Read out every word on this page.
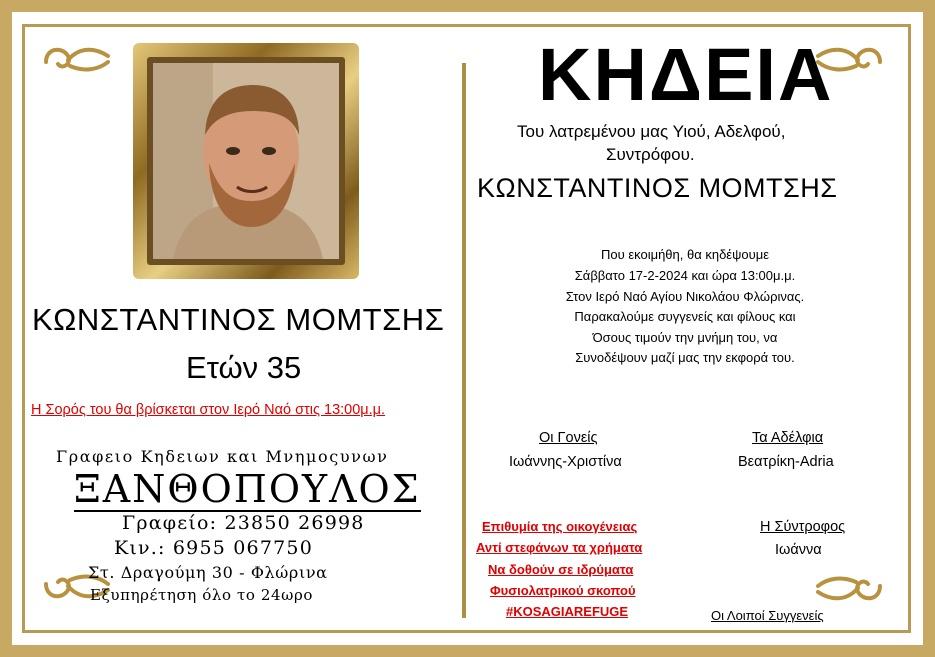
ΚΩΝΣΤΑΝΤΙΝΟΣ ΜΟΜΤΣΗΣ
Ετών 35
Η Σορός του θα βρίσκεται στον Ιερό Ναό στις 13:00μ.μ.
Γραφειο Κηδειων και Μνημοςυνων
ΞΑΝΘΟΠΟΥΛΟΣ
Γραφείο: 23850 26998
Κιν.: 6955 067750
Στ. Δραγούμη 30 - Φλώρινα
Εξυπηρέτηση όλο το 24ωρο
ΚΗΔΕΙΑ
Του λατρεμένου μας Υιού, Αδελφού,
Συντρόφου.
ΚΩΝΣΤΑΝΤΙΝΟΣ ΜΟΜΤΣΗΣ
Που εκοιμήθη, θα κηδέψουμε
Σάββατο 17-2-2024 και ώρα 13:00μ.μ.
Στον Ιερό Ναό Αγίου Νικολάου Φλώρινας.
Παρακαλούμε συγγενείς και φίλους και
Όσους τιμούν την μνήμη του, να
Συνοδέψουν μαζί μας την εκφορά του.
Οι Γονείς
Ιωάννης-Χριστίνα
Τα Αδέλφια
Βεατρίκη-Adria
Επιθυμία της οικογένειας
Αντί στεφάνων τα χρήματα
Να δοθούν σε ιδρύματα
Φυσιολατρικού σκοπού
#KOSAGIAREFUGE
Η Σύντροφος
Ιωάννα
Οι Λοιποί Συγγενείς
